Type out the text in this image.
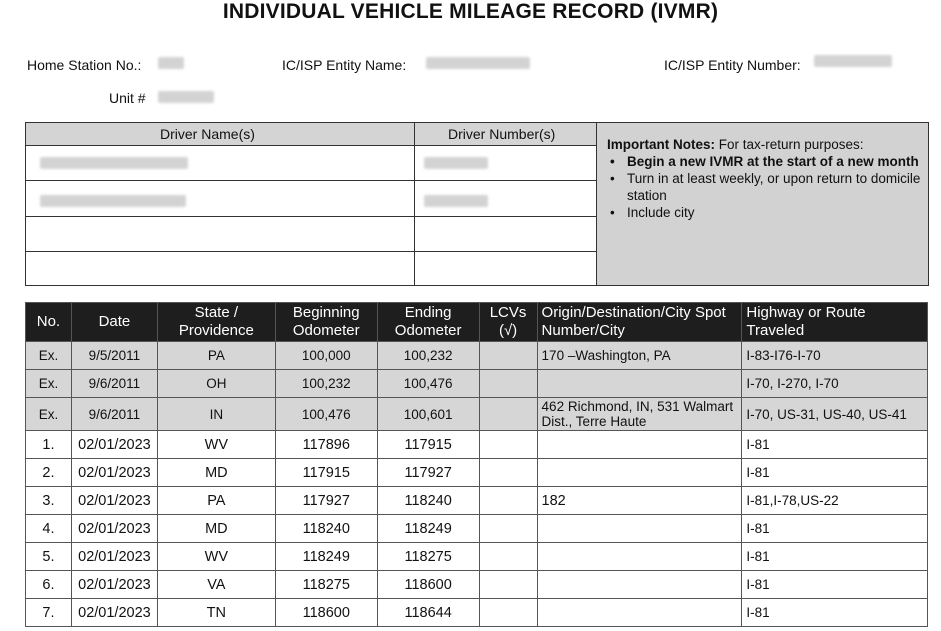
INDIVIDUAL VEHICLE MILEAGE RECORD (IVMR)
Home Station No.:	IC/ISP Entity Name:	IC/ISP Entity Number:
Unit #
Driver Name(s)	Driver Number(s)
Important Notes: For tax-return purposes:
• Begin a new IVMR at the start of a new month
• Turn in at least weekly, or upon return to domicile station
• Include city
No.	Date	State / Providence	Beginning Odometer	Ending Odometer	LCVs (√)	Origin/Destination/City Spot Number/City	Highway or Route Traveled
Ex.	9/5/2011	PA	100,000	100,232		170 –Washington, PA	I-83-I76-I-70
Ex.	9/6/2011	OH	100,232	100,476			I-70, I-270, I-70
Ex.	9/6/2011	IN	100,476	100,601		462 Richmond, IN, 531 Walmart Dist., Terre Haute	I-70, US-31, US-40, US-41
1.	02/01/2023	WV	117896	117915			I-81
2.	02/01/2023	MD	117915	117927			I-81
3.	02/01/2023	PA	117927	118240		182	I-81,I-78,US-22
4.	02/01/2023	MD	118240	118249			I-81
5.	02/01/2023	WV	118249	118275			I-81
6.	02/01/2023	VA	118275	118600			I-81
7.	02/01/2023	TN	118600	118644			I-81
